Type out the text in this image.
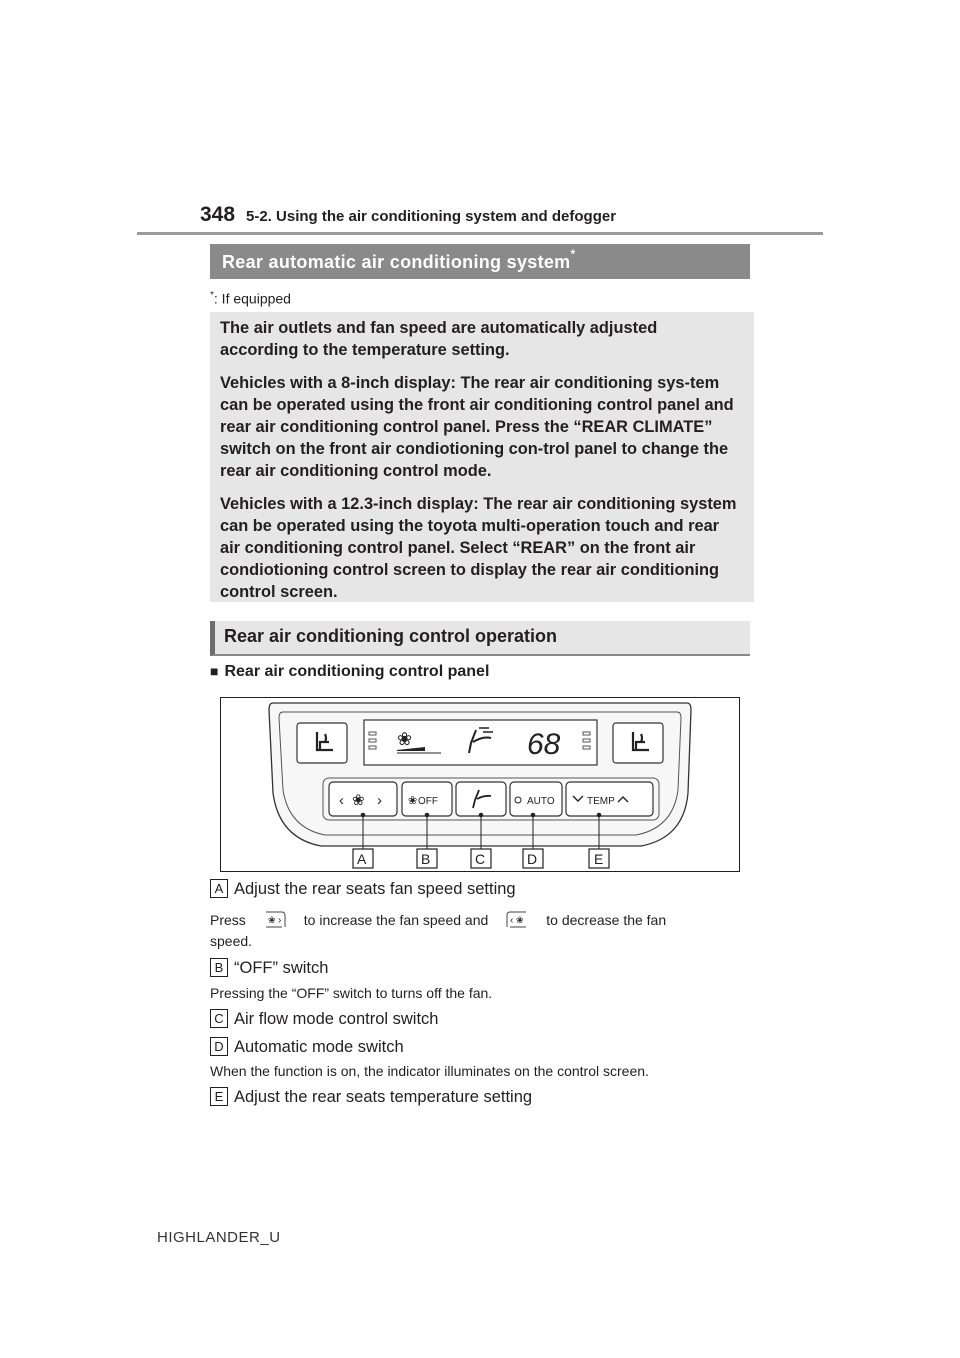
348 5-2. Using the air conditioning system and defogger
Rear automatic air conditioning system*
*: If equipped

The air outlets and fan speed are automatically adjusted according to the temperature setting.

Vehicles with a 8-inch display: The rear air conditioning sys-tem can be operated using the front air conditioning control panel and rear air conditioning control panel. Press the “REAR CLIMATE” switch on the front air condiotioning con-trol panel to change the rear air conditioning control mode.

Vehicles with a 12.3-inch display: The rear air conditioning system can be operated using the toyota multi-operation touch and rear air conditioning control panel. Select “REAR” on the front air condiotioning control screen to display the rear air conditioning control screen.

Rear air conditioning control operation
■ Rear air conditioning control panel
❀	68
‹ ❀ › ❀ OFF	AUTO	TEMP
A	B	C	D	E
A Adjust the rear seats fan speed setting
Press ❀ › to increase the fan speed and ‹ ❀ to decrease the fan
speed.
B “OFF” switch
Pressing the “OFF” switch to turns off the fan.
C Air flow mode control switch
D Automatic mode switch
When the function is on, the indicator illuminates on the control screen.
E Adjust the rear seats temperature setting
HIGHLANDER_U
